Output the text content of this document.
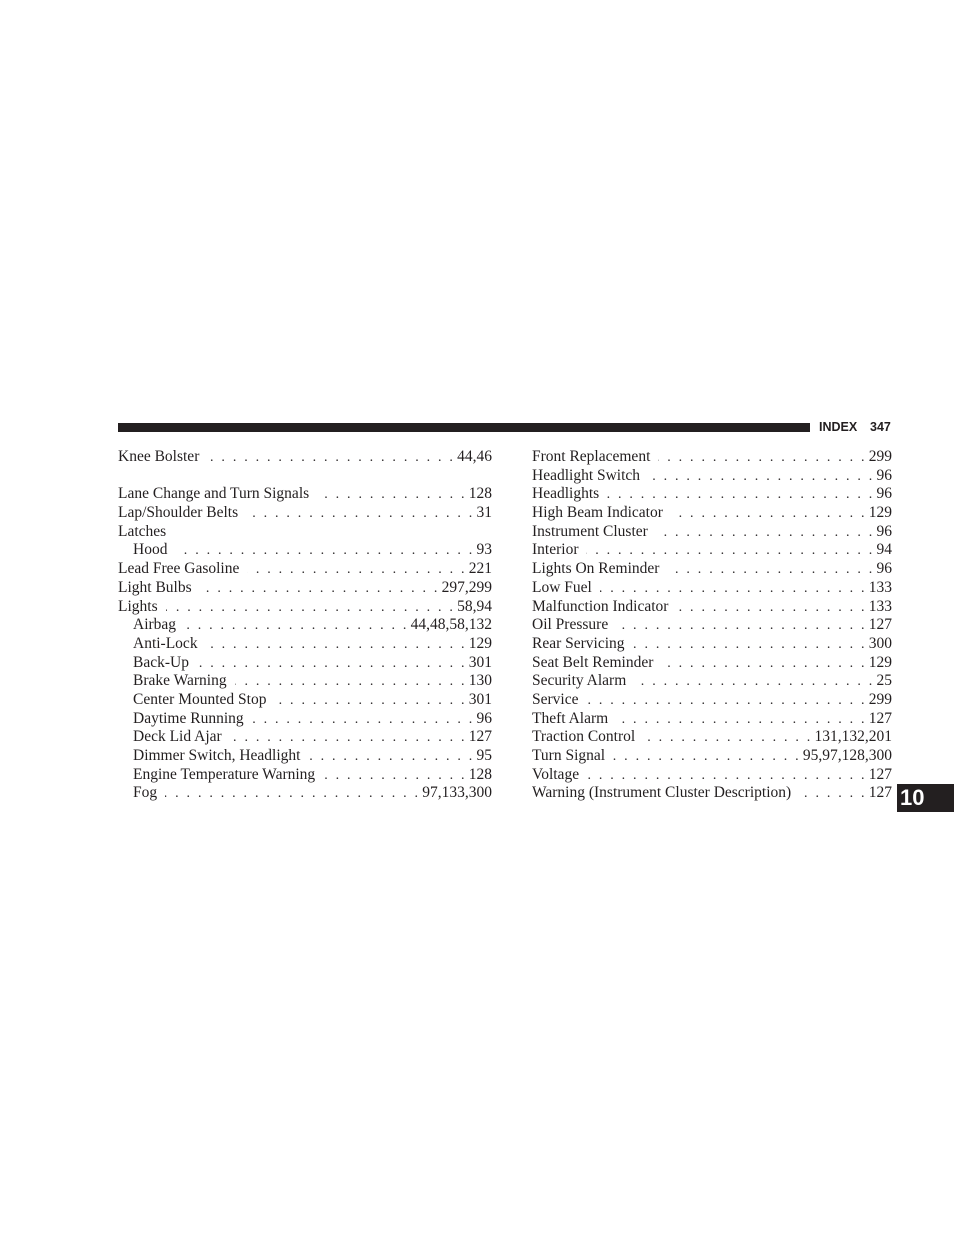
INDEX 347
Knee Bolster . . .	44,46
Lane Change and Turn Signals . . .	128
Lap/Shoulder Belts . . .	31
Latches
Hood . . .	93
Lead Free Gasoline . . .	221
Light Bulbs . . .	297,299
Lights . . .	58,94
Airbag . . .	44,48,58,132
Anti-Lock . . .	129
Back-Up . . .	301
Brake Warning . . .	130
Center Mounted Stop . . .	301
Daytime Running . . .	96
Deck Lid Ajar . . .	127
Dimmer Switch, Headlight . . .	95
Engine Temperature Warning . . .	128
Fog . . .	97,133,300
Front Replacement . . .	299
Headlight Switch . . .	96
Headlights . . .	96
High Beam Indicator . . .	129
Instrument Cluster . . .	96
Interior . . .	94
Lights On Reminder . . .	96
Low Fuel . . .	133
Malfunction Indicator . . .	133
Oil Pressure . . .	127
Rear Servicing . . .	300
Seat Belt Reminder . . .	129
Security Alarm . . .	25
Service . . .	299
Theft Alarm . . .	127
Traction Control . . .	131,132,201
Turn Signal . . .	95,97,128,300
Voltage . . .	127
Warning (Instrument Cluster Description) . . .	127 10
